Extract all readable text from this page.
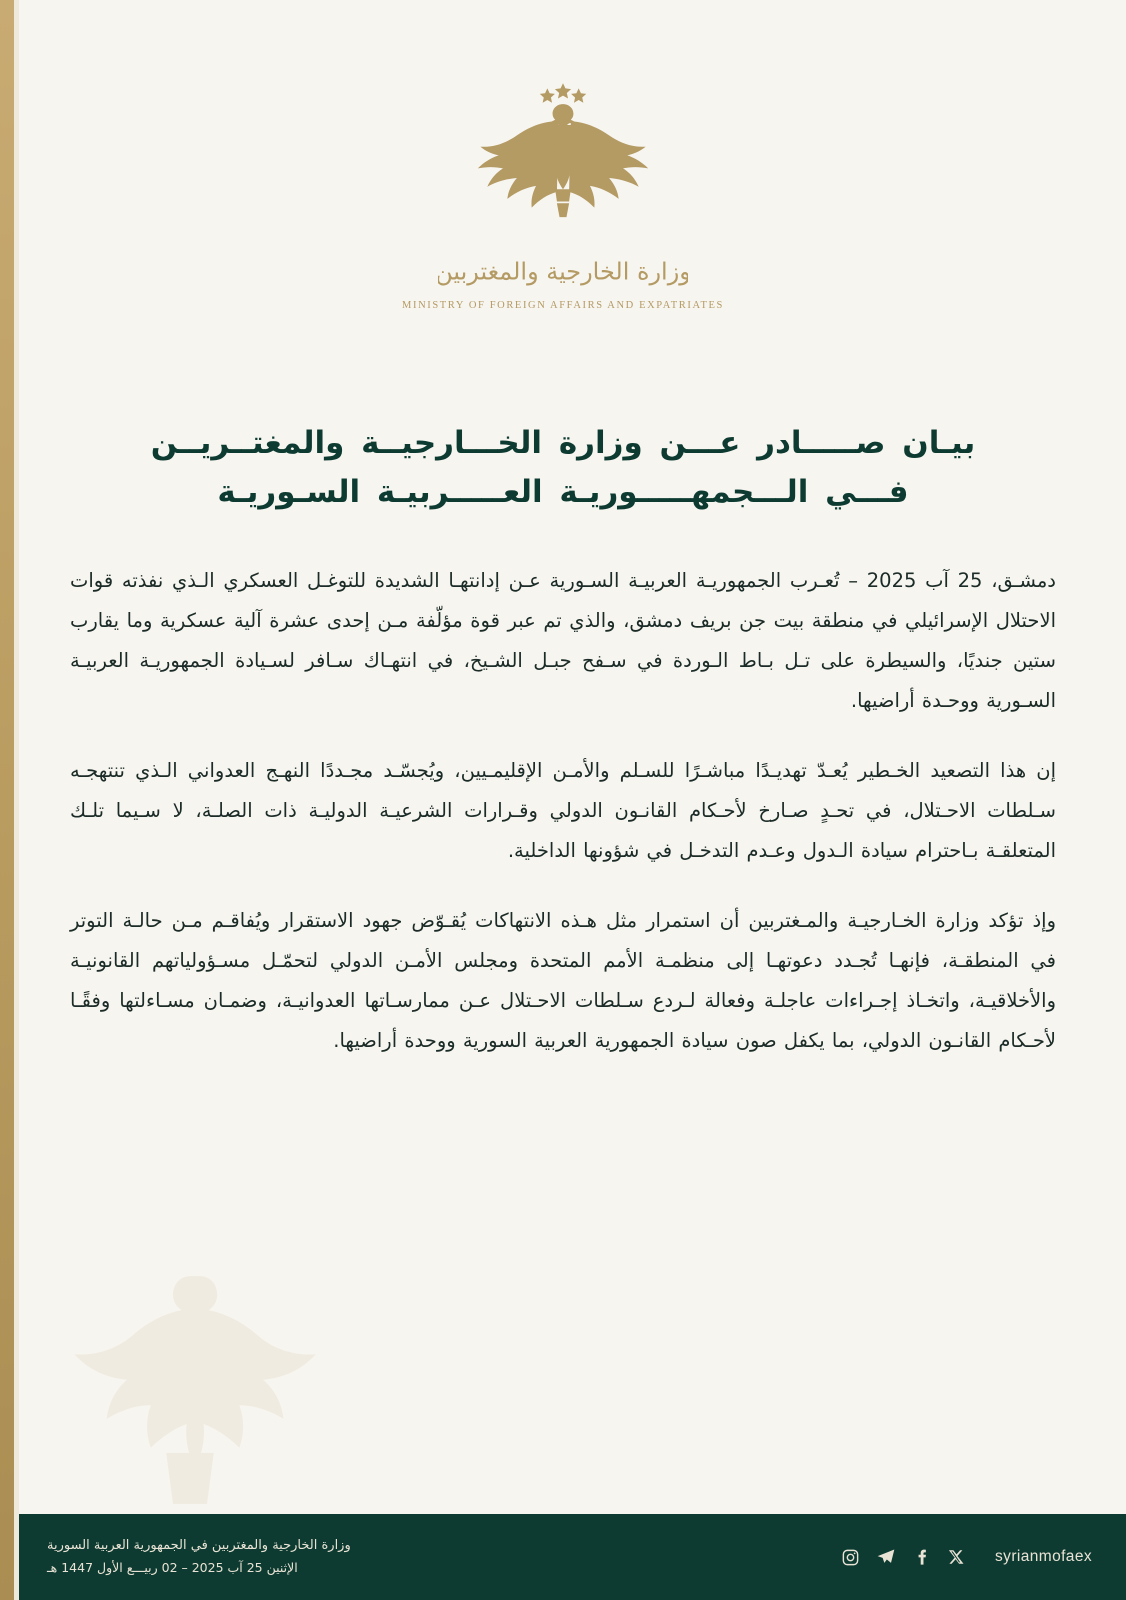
وزارة الخارجية والمغتربين
MINISTRY OF FOREIGN AFFAIRS AND EXPATRIATES
بيـان صـــــادر عـــن وزارة الخـــارجيــة والمغتــريــن
فـــي الـــجمهـــــوريـة العـــــربيـة السـوريـة

دمشـق، 25 آب 2025 – تُعـرب الجمهوريـة العربيـة السـورية عـن إدانتهـا الشديدة للتوغـل العسكري الـذي نفذته قوات الاحتلال الإسرائيلي في منطقة بيت جن بريف دمشق، والذي تم عبر قوة مؤلّفة مـن إحدى عشرة آلية عسكرية وما يقارب ستين جنديًا، والسيطرة على تـل بـاط الـوردة في سـفح جبـل الشـيخ، في انتهـاك سـافر لسـيادة الجمهوريـة العربيـة السـورية ووحـدة أراضيها.

إن هذا التصعيد الخـطير يُعـدّ تهديـدًا مباشـرًا للسـلم والأمـن الإقليمـيين، ويُجسّـد مجـددًا النهـج العدواني الـذي تنتهجـه سـلطات الاحـتلال، في تحـدٍ صـارخ لأحـكام القانـون الدولي وقـرارات الشرعيـة الدوليـة ذات الصلـة، لا سـيما تلـك المتعلقـة بـاحترام سيادة الـدول وعـدم التدخـل في شؤونها الداخلية.

وإذ تؤكد وزارة الخـارجيـة والمـغتربين أن استمرار مثل هـذه الانتهاكات يُقـوّض جهود الاستقرار ويُفاقـم مـن حالـة التوتر في المنطقـة، فإنهـا تُجـدد دعوتهـا إلى منظمـة الأمم المتحدة ومجلس الأمـن الدولي لتحمّـل مسـؤولياتهم القانونيـة والأخلاقيـة، واتخـاذ إجـراءات عاجلـة وفعالة لـردع سـلطات الاحـتلال عـن ممارسـاتها العدوانيـة، وضمـان مسـاءلتها وفقًـا لأحـكام القانـون الدولي، بما يكفل صون سيادة الجمهورية العربية السورية ووحدة أراضيها.

syrianmofaex
وزارة الخارجية والمغتربين في الجمهورية العربية السورية
الإثنين 25 آب 2025 – 02 ربيـــع الأول 1447 هـ
